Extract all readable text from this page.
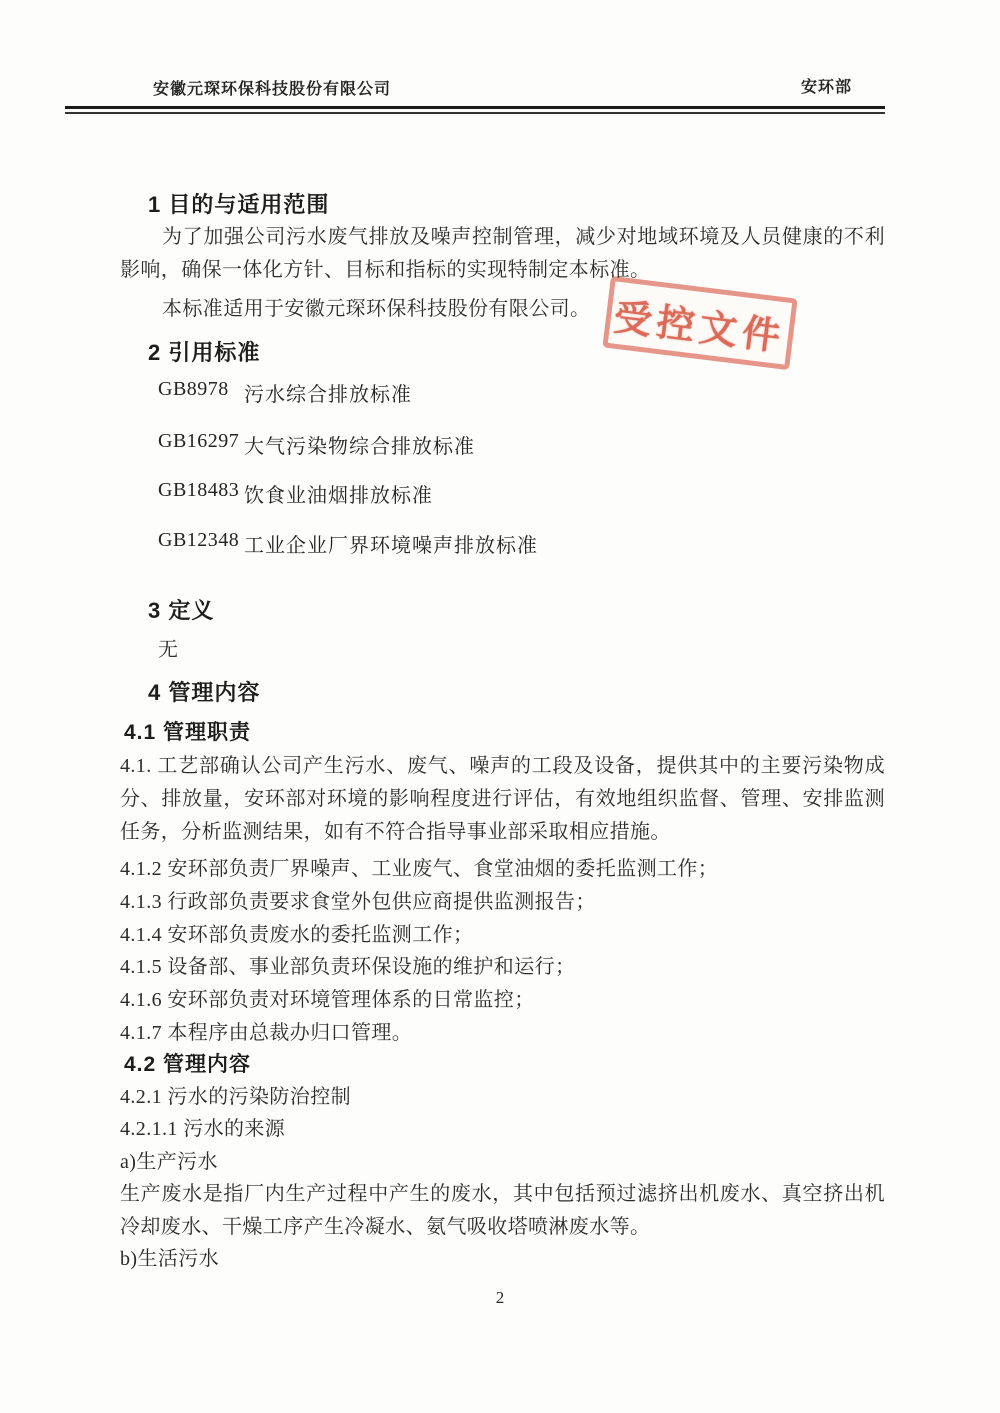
安徽元琛环保科技股份有限公司	安环部
受控文件
1 目的与适用范围

为了加强公司污水废气排放及噪声控制管理，减少对地域环境及人员健康的不利影响，确保一体化方针、目标和指标的实现特制定本标准。

本标准适用于安徽元琛环保科技股份有限公司。

2 引用标准
GB8978 污水综合排放标准
GB16297 大气污染物综合排放标准
GB18483 饮食业油烟排放标准
GB12348 工业企业厂界环境噪声排放标准
3 定义

无

4 管理内容
4.1 管理职责

4.1. 工艺部确认公司产生污水、废气、噪声的工段及设备，提供其中的主要污染物成分、排放量，安环部对环境的影响程度进行评估，有效地组织监督、管理、安排监测任务，分析监测结果，如有不符合指导事业部采取相应措施。

4.1.2 安环部负责厂界噪声、工业废气、食堂油烟的委托监测工作；
4.1.3 行政部负责要求食堂外包供应商提供监测报告；
4.1.4 安环部负责废水的委托监测工作；
4.1.5 设备部、事业部负责环保设施的维护和运行；
4.1.6 安环部负责对环境管理体系的日常监控；
4.1.7 本程序由总裁办归口管理。
4.2 管理内容
4.2.1 污水的污染防治控制
4.2.1.1 污水的来源
a)生产污水

生产废水是指厂内生产过程中产生的废水，其中包括预过滤挤出机废水、真空挤出机冷却废水、干燥工序产生冷凝水、氨气吸收塔喷淋废水等。

b)生活污水
2
